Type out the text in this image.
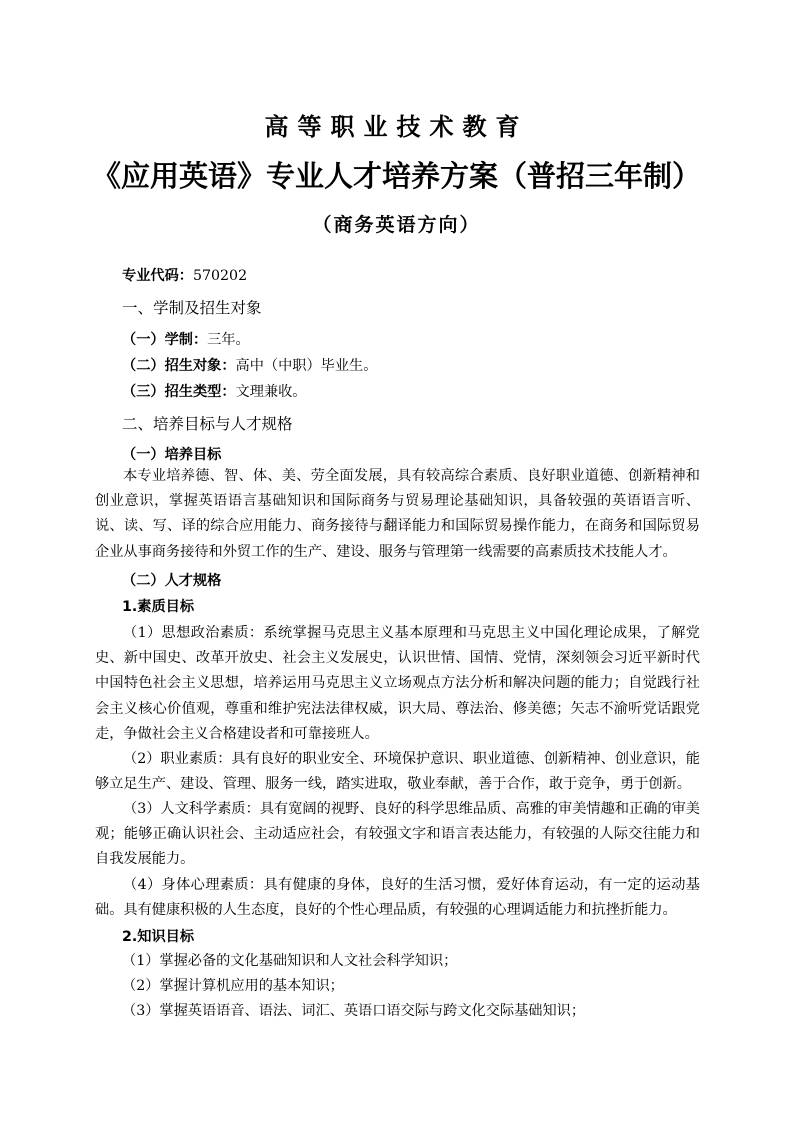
高等职业技术教育
《应用英语》专业人才培养方案（普招三年制）
（商务英语方向）
专业代码：570202
一、学制及招生对象
（一）学制：三年。
（二）招生对象：高中（中职）毕业生。
（三）招生类型：文理兼收。
二、培养目标与人才规格
（一）培养目标
本专业培养德、智、体、美、劳全面发展，具有较高综合素质、良好职业道德、创新精神和创业意识，掌握英语语言基础知识和国际商务与贸易理论基础知识，具备较强的英语语言听、说、读、写、译的综合应用能力、商务接待与翻译能力和国际贸易操作能力，在商务和国际贸易企业从事商务接待和外贸工作的生产、建设、服务与管理第一线需要的高素质技术技能人才。
（二）人才规格
1.素质目标
（1）思想政治素质：系统掌握马克思主义基本原理和马克思主义中国化理论成果，了解党史、新中国史、改革开放史、社会主义发展史，认识世情、国情、党情，深刻领会习近平新时代中国特色社会主义思想，培养运用马克思主义立场观点方法分析和解决问题的能力；自觉践行社会主义核心价值观，尊重和维护宪法法律权威，识大局、尊法治、修美德；矢志不渝听党话跟党走，争做社会主义合格建设者和可靠接班人。
（2）职业素质：具有良好的职业安全、环境保护意识、职业道德、创新精神、创业意识，能够立足生产、建设、管理、服务一线，踏实进取，敬业奉献，善于合作，敢于竞争，勇于创新。
（3）人文科学素质：具有宽阔的视野、良好的科学思维品质、高雅的审美情趣和正确的审美观；能够正确认识社会、主动适应社会，有较强文字和语言表达能力，有较强的人际交往能力和自我发展能力。
（4）身体心理素质：具有健康的身体，良好的生活习惯，爱好体育运动，有一定的运动基础。具有健康积极的人生态度，良好的个性心理品质，有较强的心理调适能力和抗挫折能力。
2.知识目标
（1）掌握必备的文化基础知识和人文社会科学知识；
（2）掌握计算机应用的基本知识；
（3）掌握英语语音、语法、词汇、英语口语交际与跨文化交际基础知识；
